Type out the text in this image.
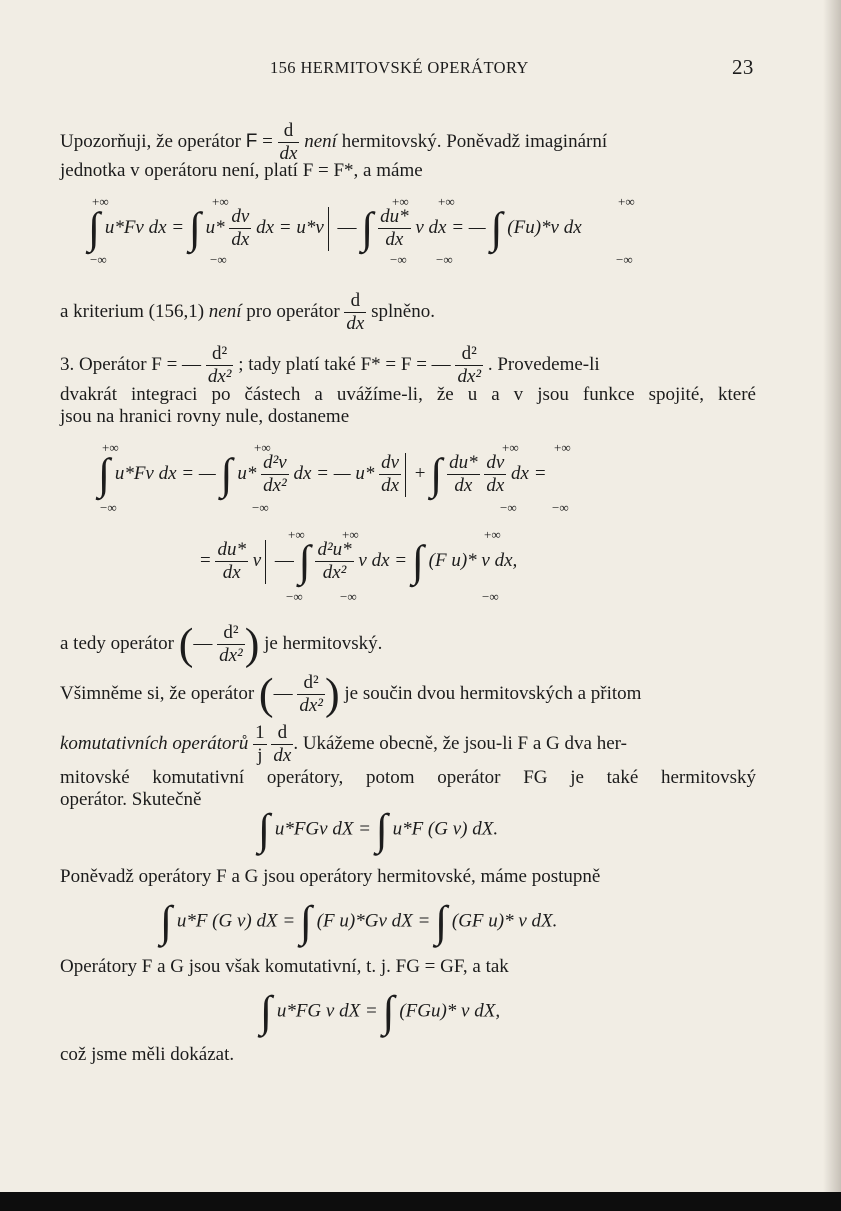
156 HERMITOVSKÉ OPERÁTORY	23
Upozorňuji, že operátor $F = \frac{d}{dx}$ není hermitovský. Poněvadž imaginární
jednotka v operátoru není, platí F = F*, a máme
+∞
−∞
+∞
−∞
+∞
−∞
+∞
−∞
+∞
−∞
∫ u*Fv dx = ∫ $u* \frac{dv}{dx}$ dx = u*v — ∫ $\frac{du*}{dx}$ v dx = — ∫ (Fu)*v dx
a kriterium (156,1) není pro operátor $\frac{d}{dx}$ splněno.
3. Operátor F = — $\frac{\text{d²}}{\text{dx²}}$ ; tady platí také F* = F = — $\frac{\text{d²}}{\text{dx²}}$ . Provedeme-li
dvakrát integraci po částech a uvážíme-li, že u a v jsou funkce spojité, které
jsou na hranici rovny nule, dostaneme
+∞
−∞
+∞
−∞
+∞
−∞
+∞
−∞
∫ u*Fv dx = — ∫ $u* \frac{\text{d²v}}{\text{dx²}}$ dx = — $u* \frac{dv}{dx}$ + ∫ $\frac{du*}{dx}$
$\frac{dv}{dx}$ dx =
+∞
−∞
+∞
−∞
+∞
−∞
= $\frac{du*}{dx}$ v — ∫ $\frac{\text{d²u*}}{\text{dx²}}$ v dx = ∫ (F u)* v dx,
a tedy operátor (— $\frac{\text{d²}}{\text{dx²}}$ ) je hermitovský.
Všimněme si, že operátor (— $\frac{\text{d²}}{\text{dx²}}$ ) je součin dvou hermitovských a přitom
komutativních operátorů $\frac{1}{j}$
$\frac{d}{dx}$ . Ukážeme obecně, že jsou-li F a G dva her-
mitovské komutativní operátory, potom operátor FG je také hermitovský
operátor. Skutečně
∫ u*FGv dX = ∫ u*F (G v) dX.
Poněvadž operátory F a G jsou operátory hermitovské, máme postupně
∫ u*F (G v) dX = ∫ (F u)*Gv dX = ∫ (GF u)* v dX.
Operátory F a G jsou však komutativní, t. j. FG = GF, a tak
∫ u*FG v dX = ∫ (FGu)* v dX,
což jsme měli dokázat.
